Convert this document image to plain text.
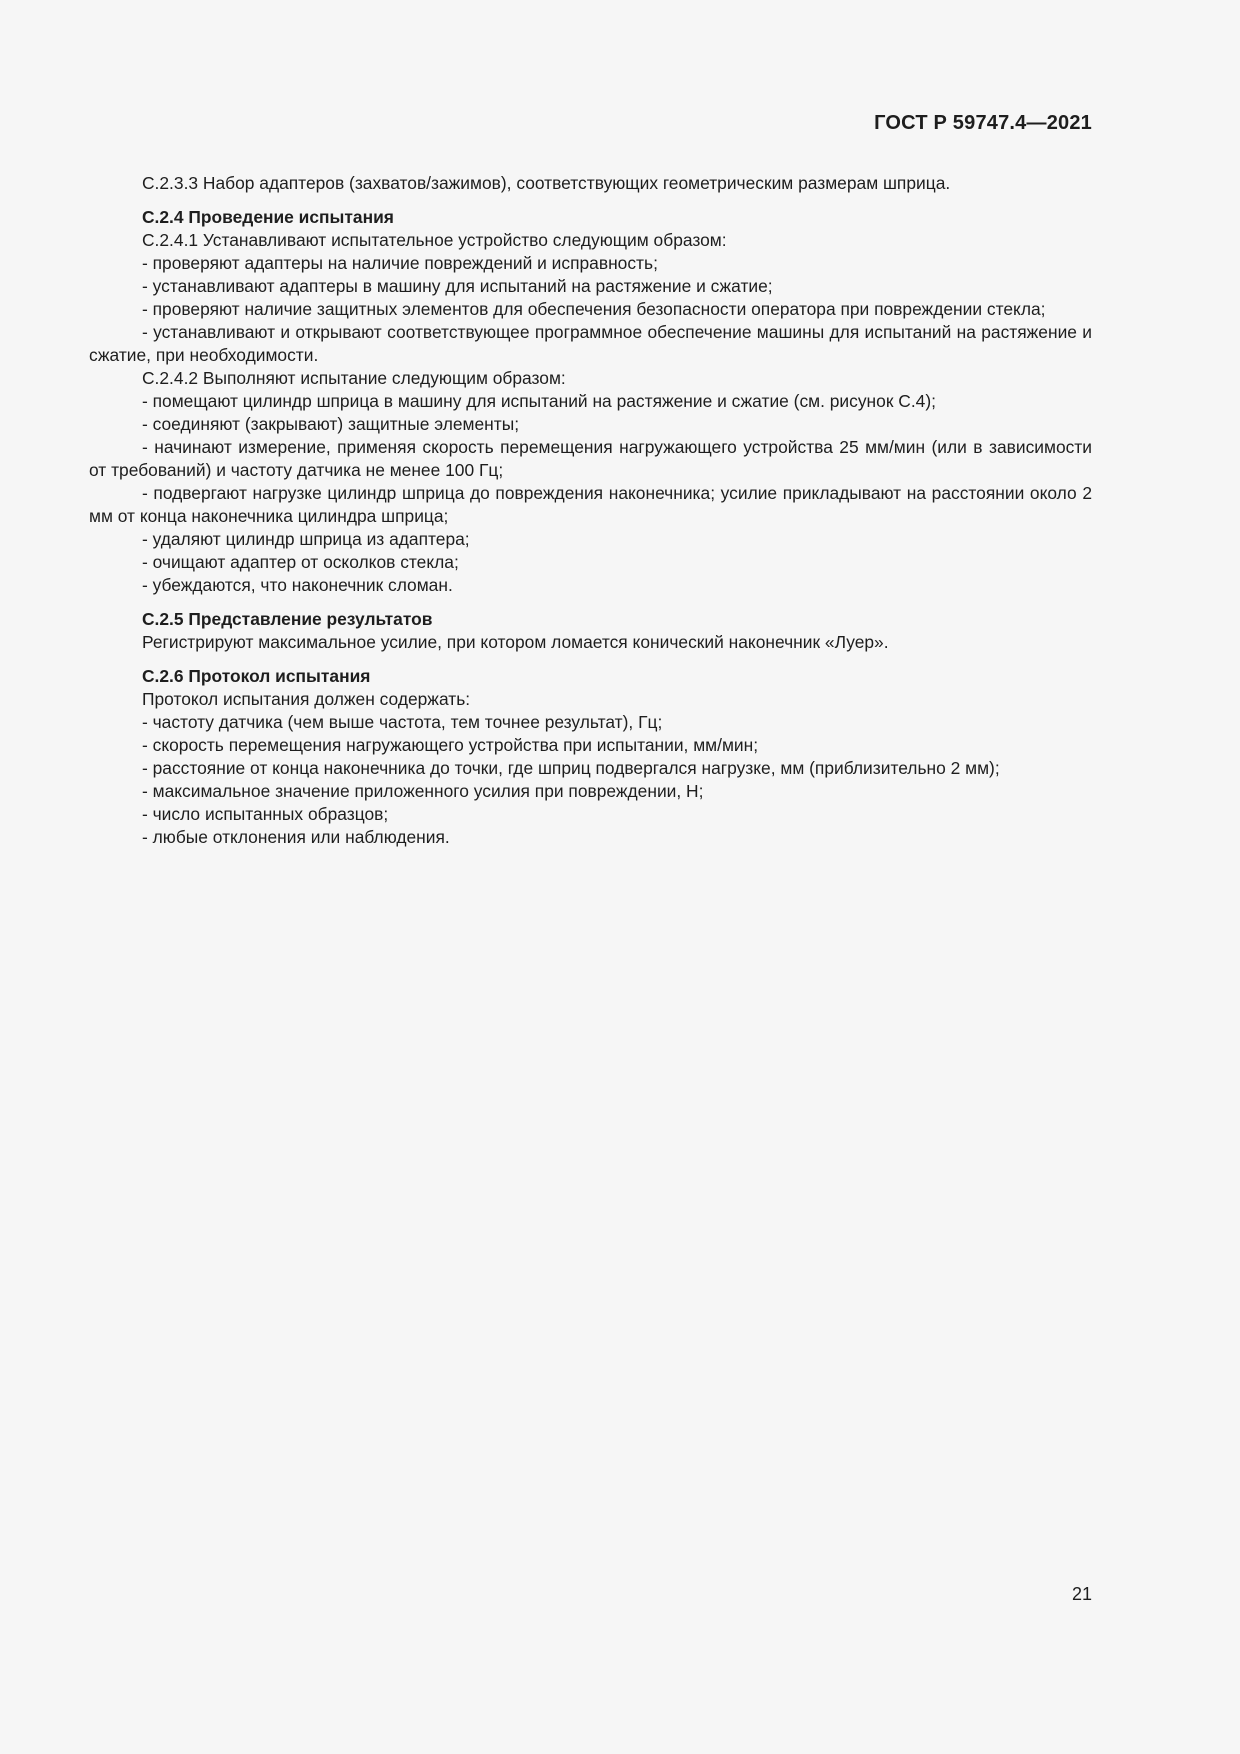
ГОСТ Р 59747.4—2021

С.2.3.3 Набор адаптеров (захватов/зажимов), соответствующих геометрическим размерам шприца.

С.2.4 Проведение испытания

С.2.4.1 Устанавливают испытательное устройство следующим образом:

- проверяют адаптеры на наличие повреждений и исправность;

- устанавливают адаптеры в машину для испытаний на растяжение и сжатие;

- проверяют наличие защитных элементов для обеспечения безопасности оператора при повреждении стекла;

- устанавливают и открывают соответствующее программное обеспечение машины для испытаний на растяжение и сжатие, при необходимости.

С.2.4.2 Выполняют испытание следующим образом:

- помещают цилиндр шприца в машину для испытаний на растяжение и сжатие (см. рисунок С.4);

- соединяют (закрывают) защитные элементы;

- начинают измерение, применяя скорость перемещения нагружающего устройства 25 мм/мин (или в зависимости от требований) и частоту датчика не менее 100 Гц;

- подвергают нагрузке цилиндр шприца до повреждения наконечника; усилие прикладывают на расстоянии около 2 мм от конца наконечника цилиндра шприца;

- удаляют цилиндр шприца из адаптера;

- очищают адаптер от осколков стекла;

- убеждаются, что наконечник сломан.

С.2.5 Представление результатов

Регистрируют максимальное усилие, при котором ломается конический наконечник «Луер».

С.2.6 Протокол испытания

Протокол испытания должен содержать:

- частоту датчика (чем выше частота, тем точнее результат), Гц;

- скорость перемещения нагружающего устройства при испытании, мм/мин;

- расстояние от конца наконечника до точки, где шприц подвергался нагрузке, мм (приблизительно 2 мм);

- максимальное значение приложенного усилия при повреждении, Н;

- число испытанных образцов;

- любые отклонения или наблюдения.

21
